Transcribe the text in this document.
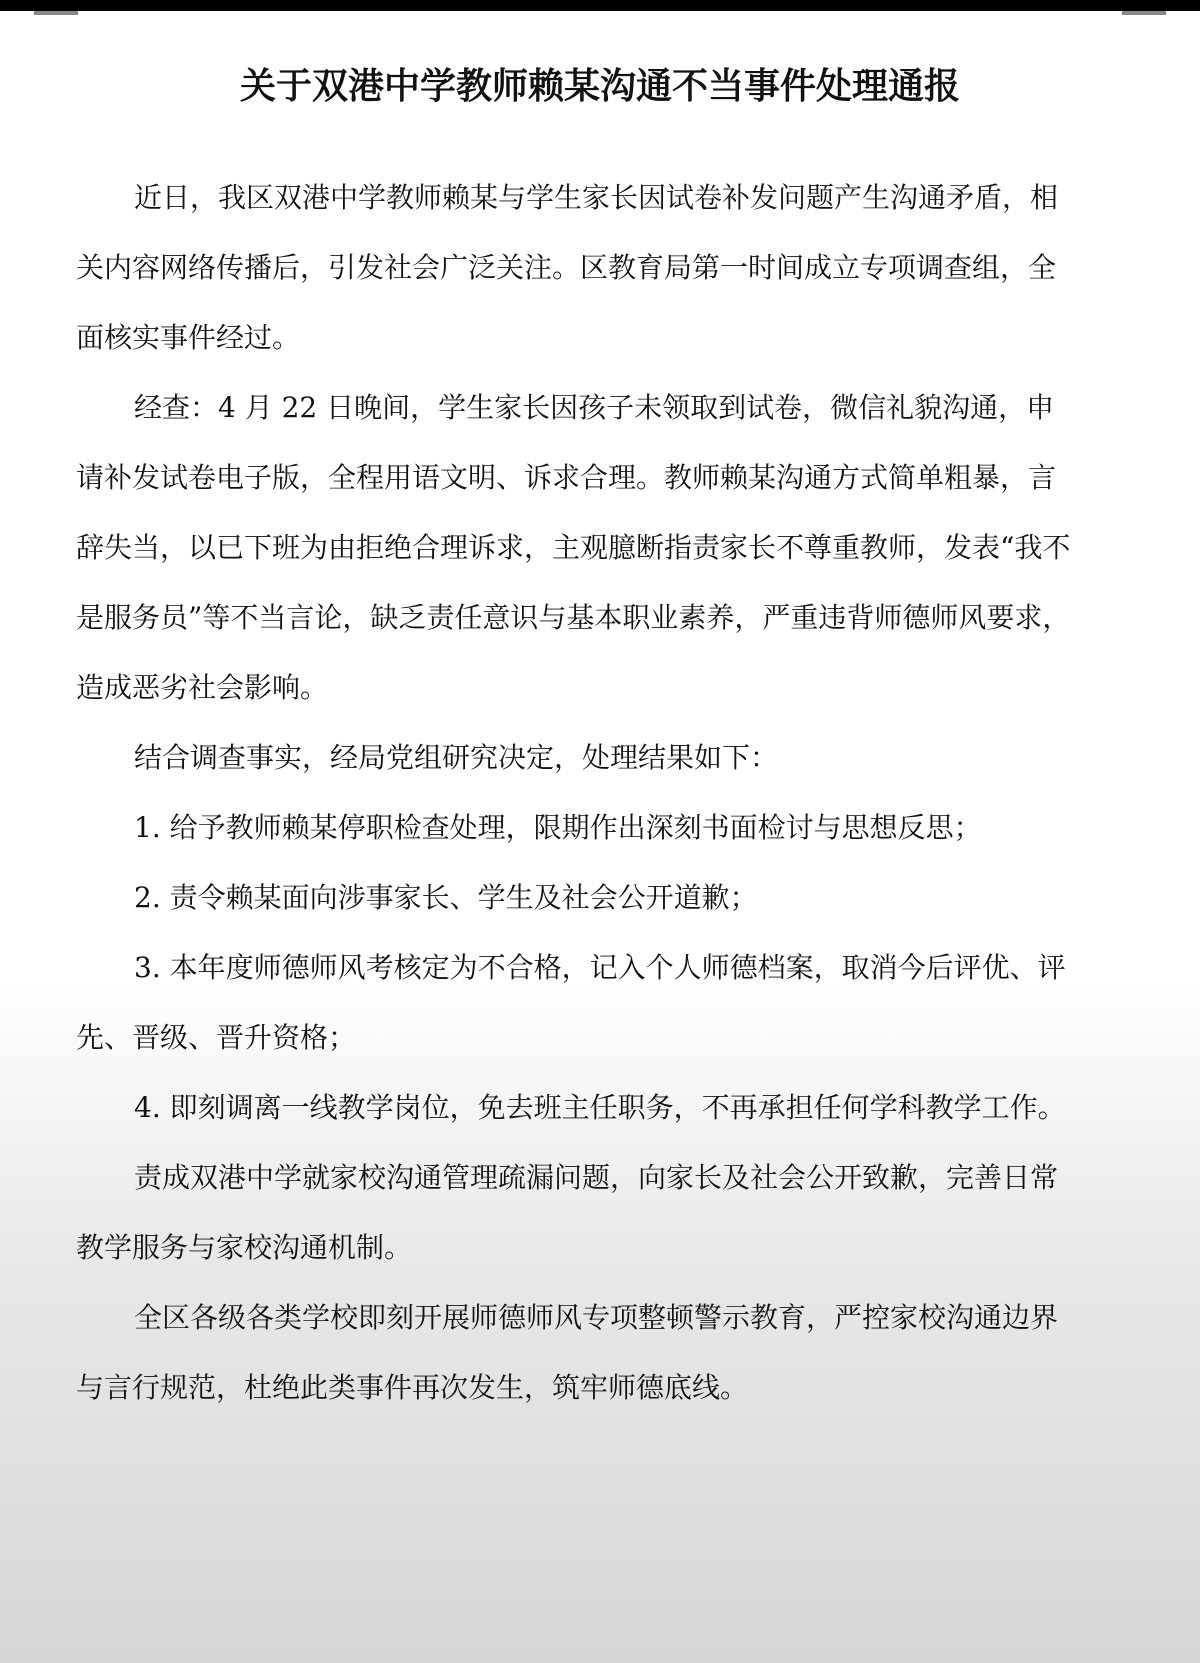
关于双港中学教师赖某沟通不当事件处理通报

近日，我区双港中学教师赖某与学生家长因试卷补发问题产生沟通矛盾，相关内容网络传播后，引发社会广泛关注。区教育局第一时间成立专项调查组，全面核实事件经过。

经查：4 月 22 日晚间，学生家长因孩子未领取到试卷，微信礼貌沟通，申请补发试卷电子版，全程用语文明、诉求合理。教师赖某沟通方式简单粗暴，言辞失当，以已下班为由拒绝合理诉求，主观臆断指责家长不尊重教师，发表“我不是服务员”等不当言论，缺乏责任意识与基本职业素养，严重违背师德师风要求，造成恶劣社会影响。

结合调查事实，经局党组研究决定，处理结果如下：

1. 给予教师赖某停职检查处理，限期作出深刻书面检讨与思想反思；

2. 责令赖某面向涉事家长、学生及社会公开道歉；

3. 本年度师德师风考核定为不合格，记入个人师德档案，取消今后评优、评先、晋级、晋升资格；

4. 即刻调离一线教学岗位，免去班主任职务，不再承担任何学科教学工作。

责成双港中学就家校沟通管理疏漏问题，向家长及社会公开致歉，完善日常教学服务与家校沟通机制。

全区各级各类学校即刻开展师德师风专项整顿警示教育，严控家校沟通边界与言行规范，杜绝此类事件再次发生，筑牢师德底线。
